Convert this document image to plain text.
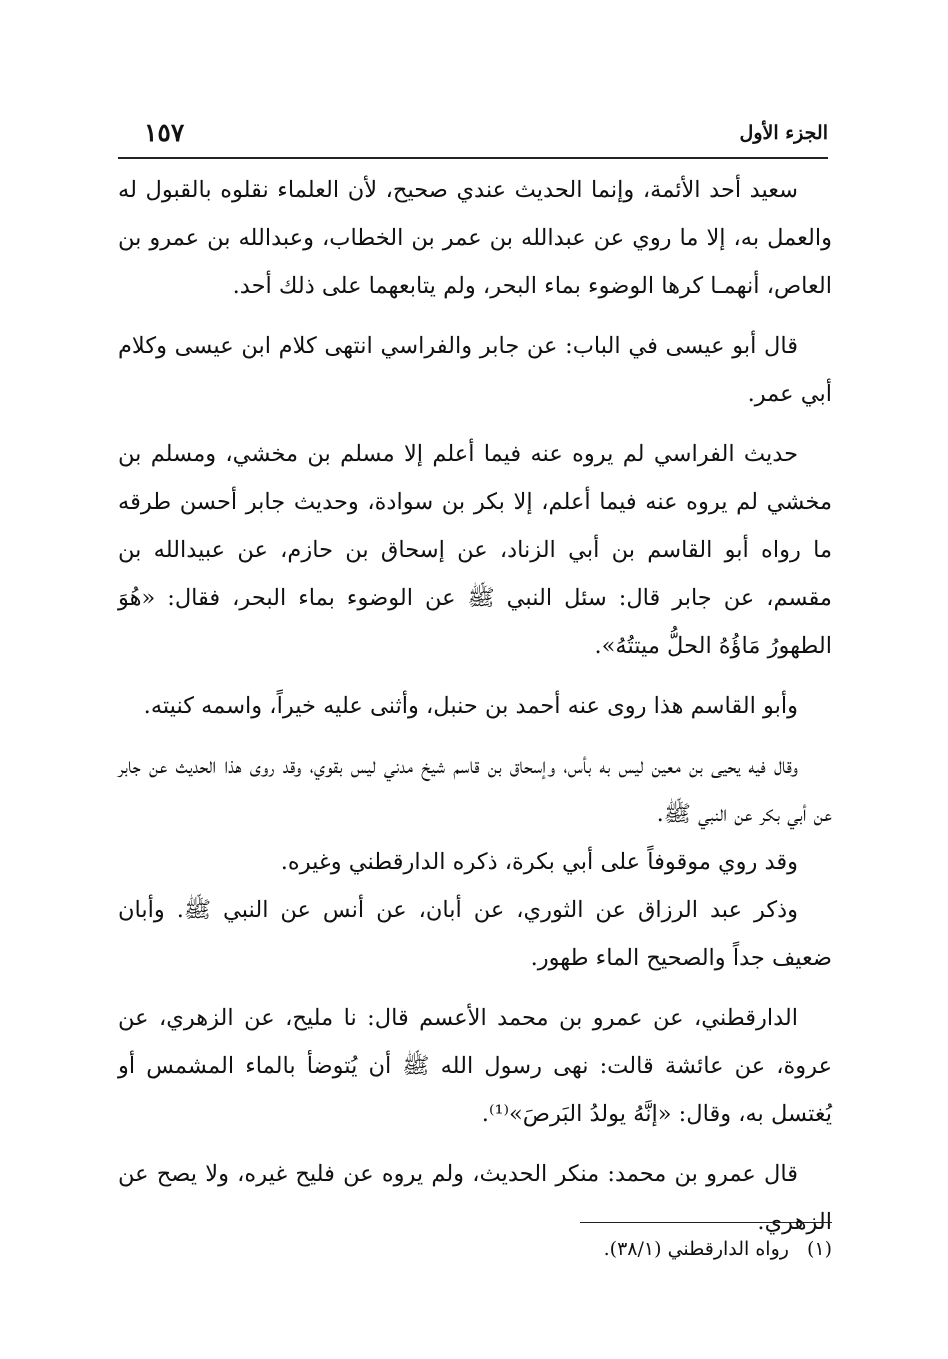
الجزء الأول
١٥٧

سعيد أحد الأئمة، وإنما الحديث عندي صحيح، لأن العلماء نقلوه بالقبول له والعمل به، إلا ما روي عن عبدالله بن عمر بن الخطاب، وعبدالله بن عمرو بن العاص، أنهمـا كرها الوضوء بماء البحر، ولم يتابعهما على ذلك أحد.

قال أبو عيسى في الباب: عن جابر والفراسي انتهى كلام ابن عيسى وكلام أبي عمر.

حديث الفراسي لم يروه عنه فيما أعلم إلا مسلم بن مخشي، ومسلم بن مخشي لم يروه عنه فيما أعلم، إلا بكر بن سوادة، وحديث جابر أحسن طرقه ما رواه أبو القاسم بن أبي الزناد، عن إسحاق بن حازم، عن عبيدالله بن مقسم، عن جابر قال: سئل النبي ﷺ عن الوضوء بماء البحر، فقال: «هُوَ الطهورُ مَاؤُهُ الحلُّ ميتتُهُ».

وأبو القاسم هذا روى عنه أحمد بن حنبل، وأثنى عليه خيراً، واسمه كنيته.

وقال فيه يحيى بن معين ليس به بأس، وإسحاق بن قاسم شيخ مدني ليس بقوي، وقد روى هذا الحديث عن جابر عن أبي بكر عن النبي ﷺ.

وقد روي موقوفاً على أبي بكرة، ذكره الدارقطني وغيره.

وذكر عبد الرزاق عن الثوري، عن أبان، عن أنس عن النبي ﷺ. وأبان ضعيف جداً والصحيح الماء طهور.

الدارقطني، عن عمرو بن محمد الأعسم قال: نا مليح، عن الزهري، عن عروة، عن عائشة قالت: نهى رسول الله ﷺ أن يُتوضأ بالماء المشمس أو يُغتسل به، وقال: «إنَّهُ يولدُ البَرصَ»⁽¹⁾.

قال عمرو بن محمد: منكر الحديث، ولم يروه عن فليح غيره، ولا يصح عن الزهري.

(١)رواه الدارقطني (٣٨/١).
